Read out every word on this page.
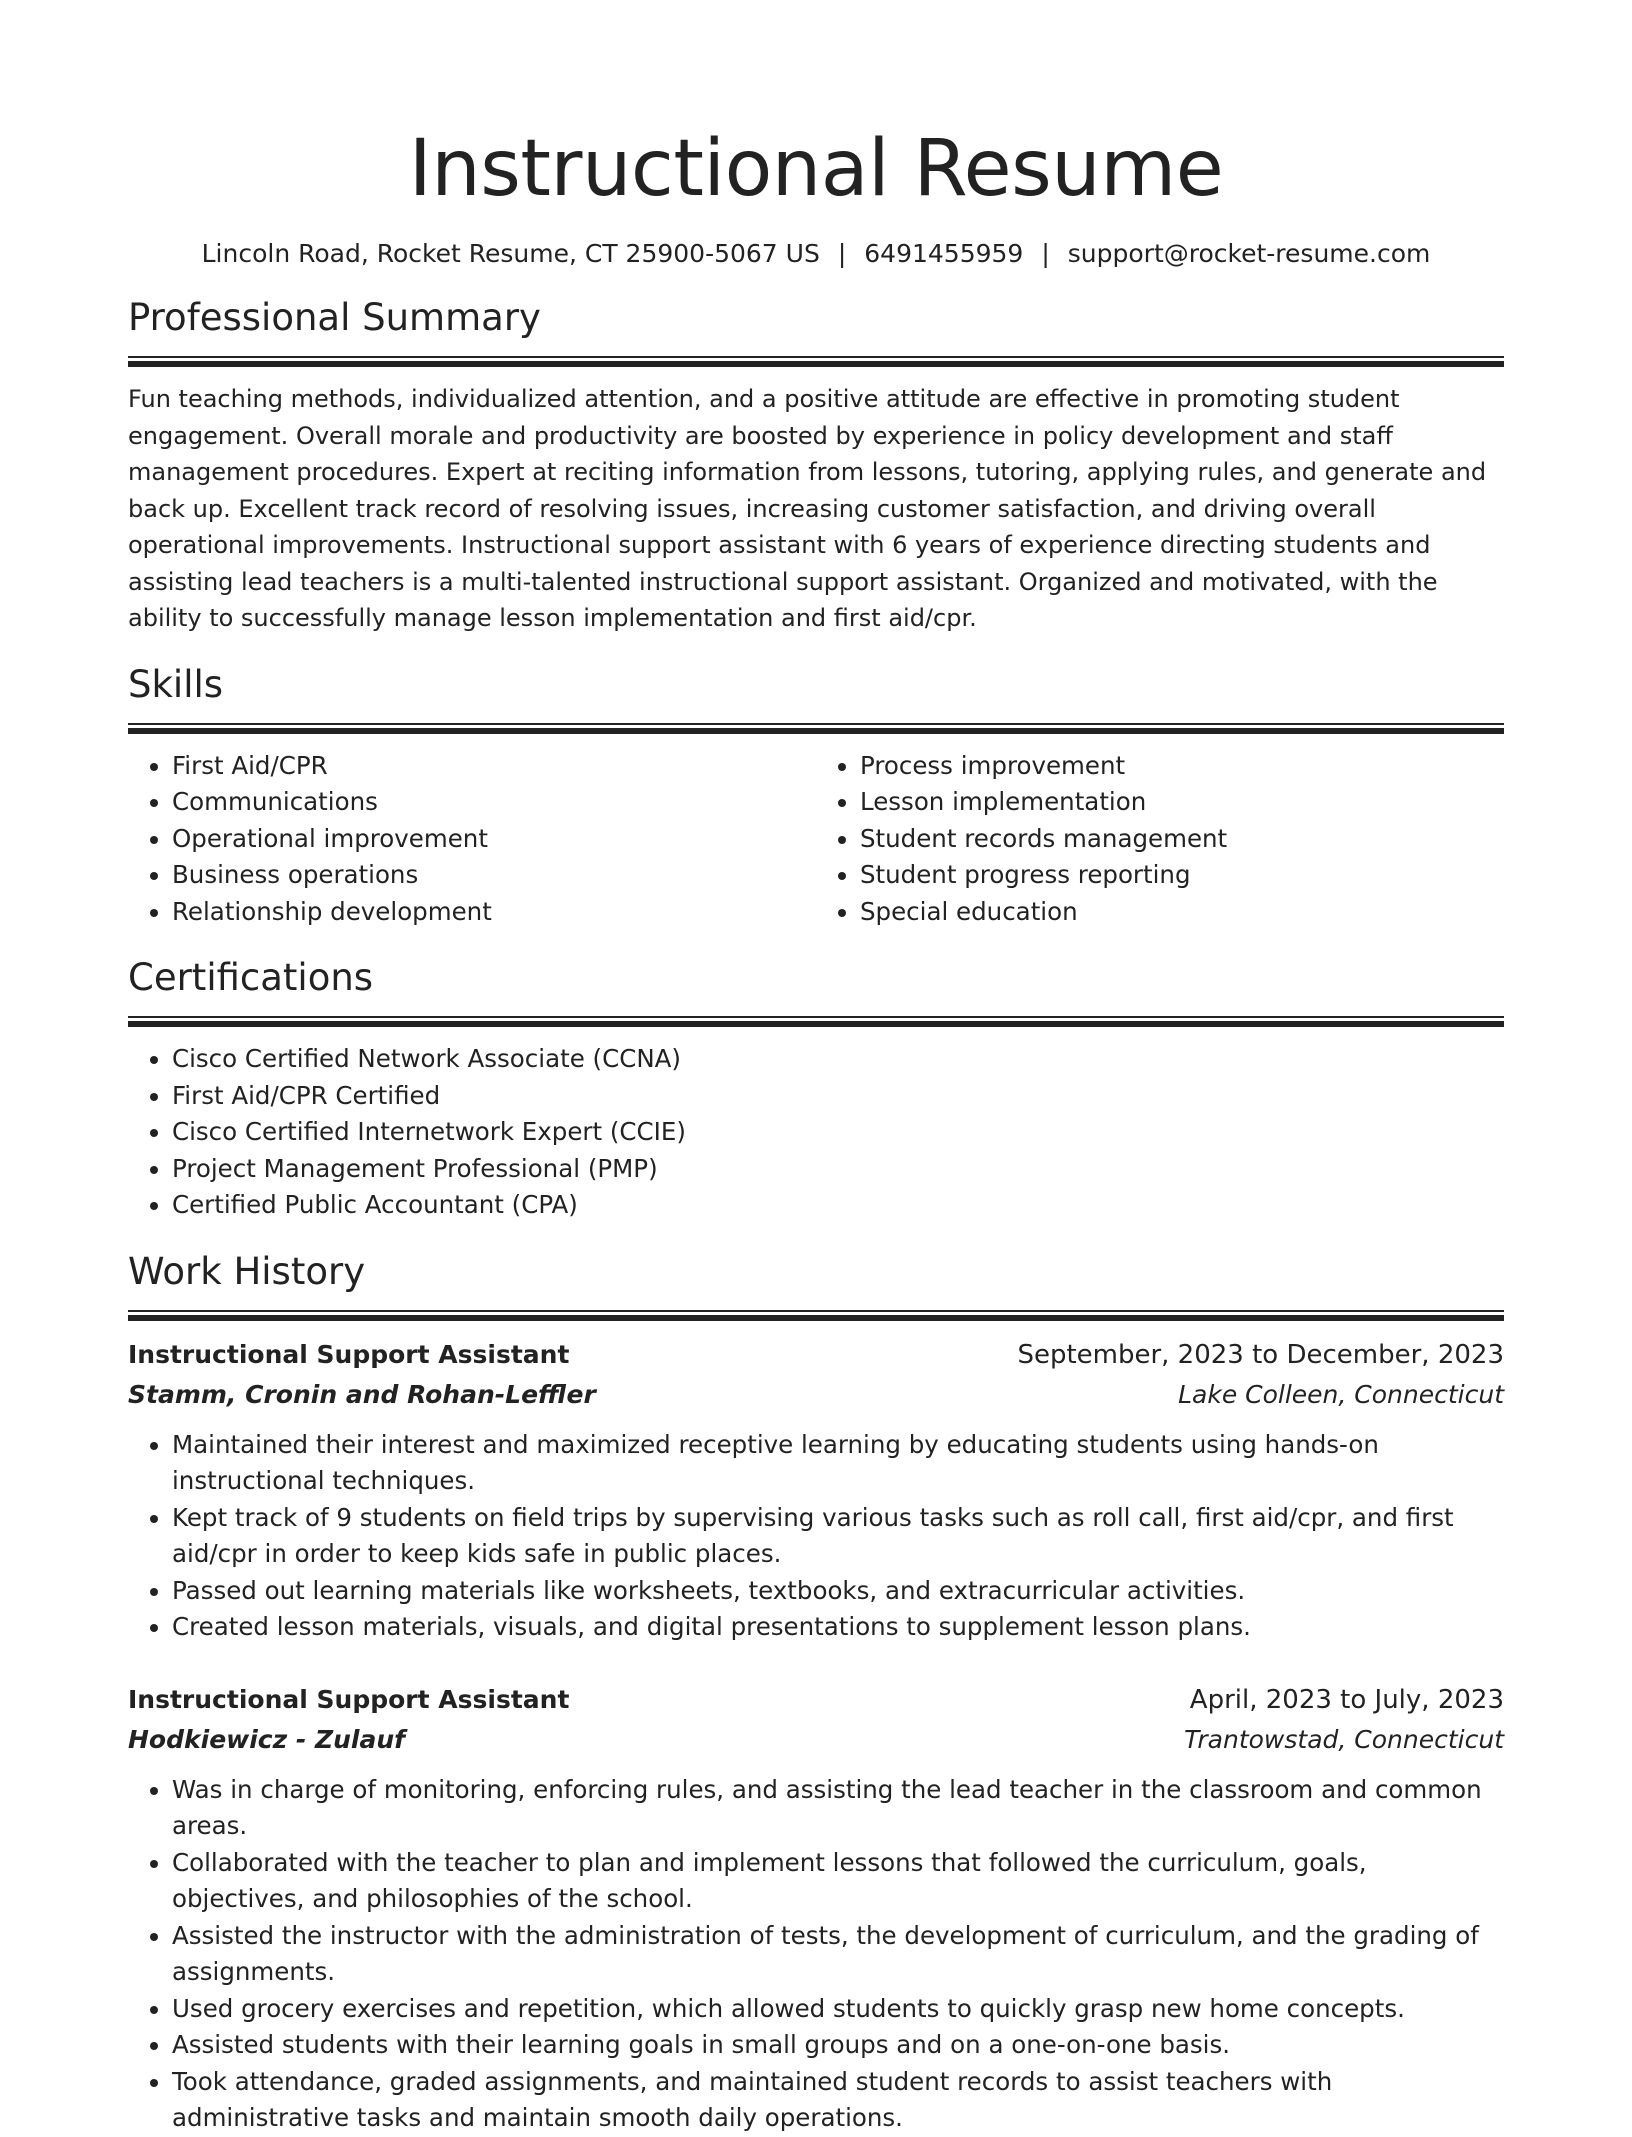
Instructional Resume
Lincoln Road, Rocket Resume, CT 25900-5067 US | 6491455959 | support@rocket-resume.com
Professional Summary
Fun teaching methods, individualized attention, and a positive attitude are effective in promoting student engagement. Overall morale and productivity are boosted by experience in policy development and staff management procedures. Expert at reciting information from lessons, tutoring, applying rules, and generate and back up. Excellent track record of resolving issues, increasing customer satisfaction, and driving overall operational improvements. Instructional support assistant with 6 years of experience directing students and assisting lead teachers is a multi-talented instructional support assistant. Organized and motivated, with the ability to successfully manage lesson implementation and first aid/cpr.
Skills
• First Aid/CPR
• Communications
• Operational improvement
• Business operations
• Relationship development
• Process improvement
• Lesson implementation
• Student records management
• Student progress reporting
• Special education
Certifications
• Cisco Certified Network Associate (CCNA)
• First Aid/CPR Certified
• Cisco Certified Internetwork Expert (CCIE)
• Project Management Professional (PMP)
• Certified Public Accountant (CPA)
Work History
Instructional Support Assistant	September, 2023 to December, 2023
Stamm, Cronin and Rohan-Leffler	Lake Colleen, Connecticut
• Maintained their interest and maximized receptive learning by educating students using hands-on instructional techniques.
• Kept track of 9 students on field trips by supervising various tasks such as roll call, first aid/cpr, and first aid/cpr in order to keep kids safe in public places.
• Passed out learning materials like worksheets, textbooks, and extracurricular activities.
• Created lesson materials, visuals, and digital presentations to supplement lesson plans.
Instructional Support Assistant	April, 2023 to July, 2023
Hodkiewicz - Zulauf	Trantowstad, Connecticut
• Was in charge of monitoring, enforcing rules, and assisting the lead teacher in the classroom and common areas.
• Collaborated with the teacher to plan and implement lessons that followed the curriculum, goals, objectives, and philosophies of the school.
• Assisted the instructor with the administration of tests, the development of curriculum, and the grading of assignments.
• Used grocery exercises and repetition, which allowed students to quickly grasp new home concepts.
• Assisted students with their learning goals in small groups and on a one-on-one basis.
• Took attendance, graded assignments, and maintained student records to assist teachers with administrative tasks and maintain smooth daily operations.
